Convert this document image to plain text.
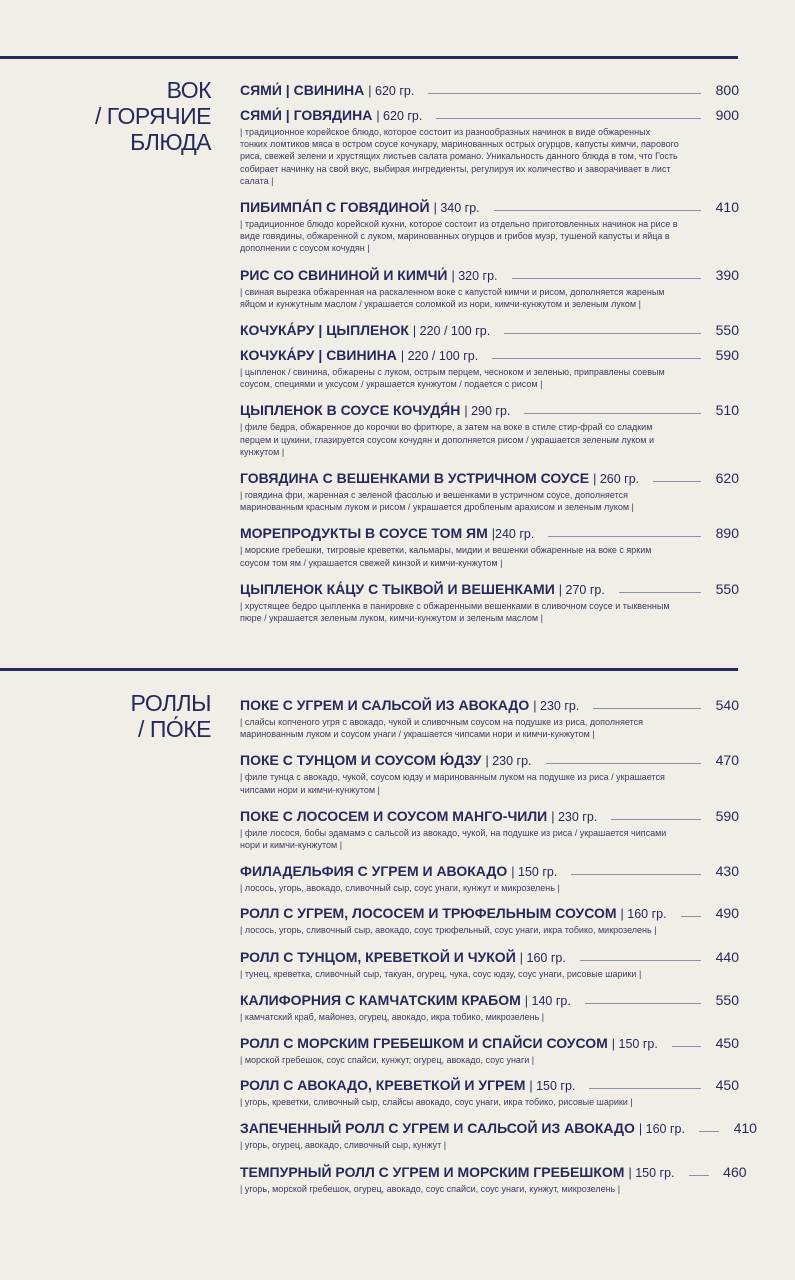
ВОК
/ ГОРЯЧИЕ
БЛЮДА
СЯМИ́ | СВИНИНА | 620 гр.	800
СЯМИ́ | ГОВЯДИНА | 620 гр.	900
| традиционное корейское блюдо, которое состоит из разнообразных начинок в виде обжаренных тонких ломтиков мяса в остром соусе кочукару, маринованных острых огурцов, капусты кимчи, парового риса, свежей зелени и хрустящих листьев салата романо. Уникальность данного блюда в том, что Гость собирает начинку на свой вкус, выбирая ингредиенты, регулируя их количество и заворачивает в лист салата |
ПИБИМПА́П С ГОВЯДИНОЙ | 340 гр.	410
| традиционное блюдо корейской кухни, которое состоит из отдельно приготовленных начинок на рисе в виде говядины, обжаренной с луком, маринованных огурцов и грибов муэр, тушеной капусты и яйца в дополнении с соусом кочудян |
РИС СО СВИНИНОЙ И КИМЧИ́ | 320 гр.	390
| свиная вырезка обжаренная на раскаленном воке с капустой кимчи и рисом, дополняется жареным яйцом и кунжутным маслом / украшается соломкой из нори, кимчи-кунжутом и зеленым луком |
КОЧУКА́РУ | ЦЫПЛЕНОК | 220 / 100 гр.	550
КОЧУКА́РУ | СВИНИНА | 220 / 100 гр.	590
| цыпленок / свинина, обжарены с луком, острым перцем, чесноком и зеленью, приправлены соевым соусом, специями и уксусом / украшается кунжутом / подается с рисом |
ЦЫПЛЕНОК В СОУСЕ КОЧУДЯ́Н | 290 гр.	510
| филе бедра, обжаренное до корочки во фритюре, а затем на воке в стиле стир-фрай со сладким перцем и цукини, глазируется соусом кочудян и дополняется рисом / украшается зеленым луком и кунжутом |
ГОВЯДИНА С ВЕШЕНКАМИ В УСТРИЧНОМ СОУСЕ | 260 гр.	620
| говядина фри, жаренная с зеленой фасолью и вешенками в устричном соусе, дополняется маринованным красным луком и рисом / украшается дробленым арахисом и зеленым луком |
МОРЕПРОДУКТЫ В СОУСЕ ТОМ ЯМ |240 гр.	890
| морские гребешки, тигровые креветки, кальмары, мидии и вешенки обжаренные на воке с ярким соусом том ям / украшается свежей кинзой и кимчи-кунжутом |
ЦЫПЛЕНОК КА́ЦУ С ТЫКВОЙ И ВЕШЕНКАМИ | 270 гр.	550
| хрустящее бедро цыпленка в панировке с обжаренными вешенками в сливочном соусе и тыквенным пюре / украшается зеленым луком, кимчи-кунжутом и зеленым маслом |
РОЛЛЫ
/ ПО́КЕ
ПОКЕ С УГРЕМ И САЛЬСОЙ ИЗ АВОКАДО | 230 гр.	540
| слайсы копченого угря с авокадо, чукой и сливочным соусом на подушке из риса, дополняется маринованным луком и соусом унаги / украшается чипсами нори и кимчи-кунжутом |
ПОКЕ С ТУНЦОМ И СОУСОМ Ю́ДЗУ | 230 гр.	470
| филе тунца с авокадо, чукой, соусом юдзу и маринованным луком на подушке из риса / украшается чипсами нори и кимчи-кунжутом |
ПОКЕ С ЛОСОСЕМ И СОУСОМ МАНГО-ЧИЛИ | 230 гр.	590
| филе лосося, бобы эдамамэ с сальсой из авокадо, чукой, на подушке из риса / украшается чипсами нори и кимчи-кунжутом |
ФИЛАДЕЛЬФИЯ С УГРЕМ И АВОКАДО | 150 гр.	430
| лосось, угорь, авокадо, сливочный сыр, соус унаги, кунжут и микрозелень |
РОЛЛ С УГРЕМ, ЛОСОСЕМ И ТРЮФЕЛЬНЫМ СОУСОМ | 160 гр.	490
| лосось, угорь, сливочный сыр, авокадо, соус трюфельный, соус унаги, икра тобико, микрозелень |
РОЛЛ С ТУНЦОМ, КРЕВЕТКОЙ И ЧУКОЙ | 160 гр.	440
| тунец, креветка, сливочный сыр, такуан, огурец, чука, соус юдзу, соус унаги, рисовые шарики |
КАЛИФОРНИЯ С КАМЧАТСКИМ КРАБОМ | 140 гр.	550
| камчатский краб, майонез, огурец, авокадо, икра тобико, микрозелень |
РОЛЛ С МОРСКИМ ГРЕБЕШКОМ И СПАЙСИ СОУСОМ | 150 гр.	450
| морской гребешок, соус спайси, кунжут, огурец, авокадо, соус унаги |
РОЛЛ С АВОКАДО, КРЕВЕТКОЙ И УГРЕМ | 150 гр.	450
| угорь, креветки, сливочный сыр, слайсы авокадо, соус унаги, икра тобико, рисовые шарики |
ЗАПЕЧЕННЫЙ РОЛЛ С УГРЕМ И САЛЬСОЙ ИЗ АВОКАДО | 160 гр.	410
| угорь, огурец, авокадо, сливочный сыр, кунжут |
ТЕМПУРНЫЙ РОЛЛ С УГРЕМ И МОРСКИМ ГРЕБЕШКОМ | 150 гр.	460
| угорь, морской гребешок, огурец, авокадо, соус спайси, соус унаги, кунжут, микрозелень |
